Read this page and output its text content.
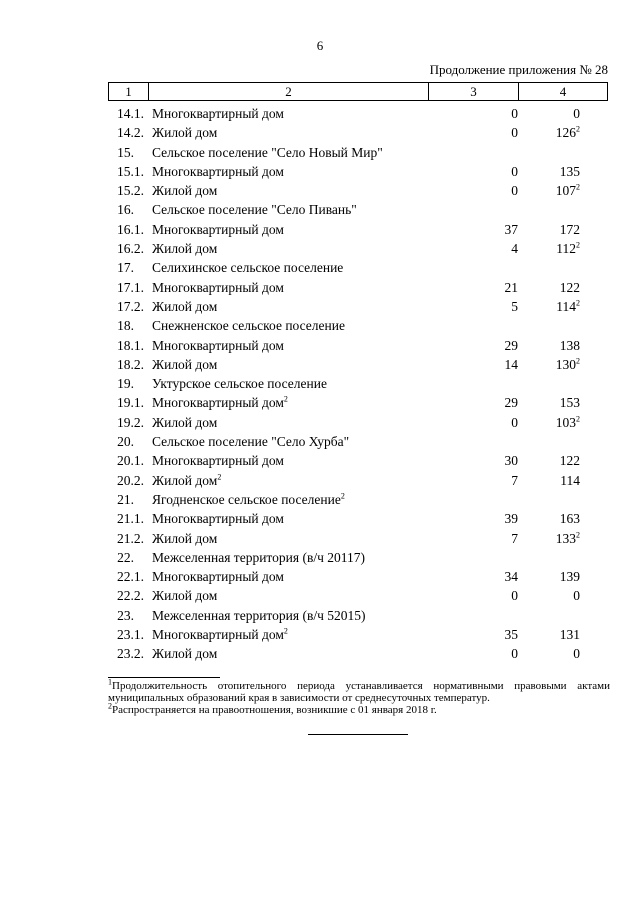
6
Продолжение приложения № 28
1	2	3	4
14.1. Многоквартирный дом	0	0
14.2. Жилой дом	0	$126^2$
15.	Сельское поселение "Село Новый Мир"
15.1. Многоквартирный дом	0	135
15.2. Жилой дом	0	$107^2$
16.	Сельское поселение "Село Пивань"
16.1. Многоквартирный дом	37	172
16.2. Жилой дом	4	$112^2$
17.	Селихинское сельское поселение
17.1. Многоквартирный дом	21	122
17.2. Жилой дом	5	$114^2$
18.	Снежненское сельское поселение
18.1. Многоквартирный дом	29	138
18.2. Жилой дом	14	$130^2$
19.	Уктурское сельское поселение
19.1. Многоквартирный дом$^2$	29	153
19.2. Жилой дом	0	$103^2$
20.	Сельское поселение "Село Хурба"
20.1. Многоквартирный дом	30	122
20.2. Жилой дом$^2$	7	114
21.	Ягодненское сельское поселение$^2$
21.1. Многоквартирный дом	39	163
21.2. Жилой дом	7	$133^2$
22.	Межселенная территория (в/ч 20117)
22.1. Многоквартирный дом	34	139
22.2. Жилой дом	0	0
23.	Межселенная территория (в/ч 52015)
23.1. Многоквартирный дом$^2$	35	131
23.2. Жилой дом	0	0

$^1$Продолжительность отопительного периода устанавливается нормативными правовыми актами муниципальных образований края в зависимости от среднесуточных температур.

$^2$Распространяется на правоотношения, возникшие с 01 января 2018 г.
